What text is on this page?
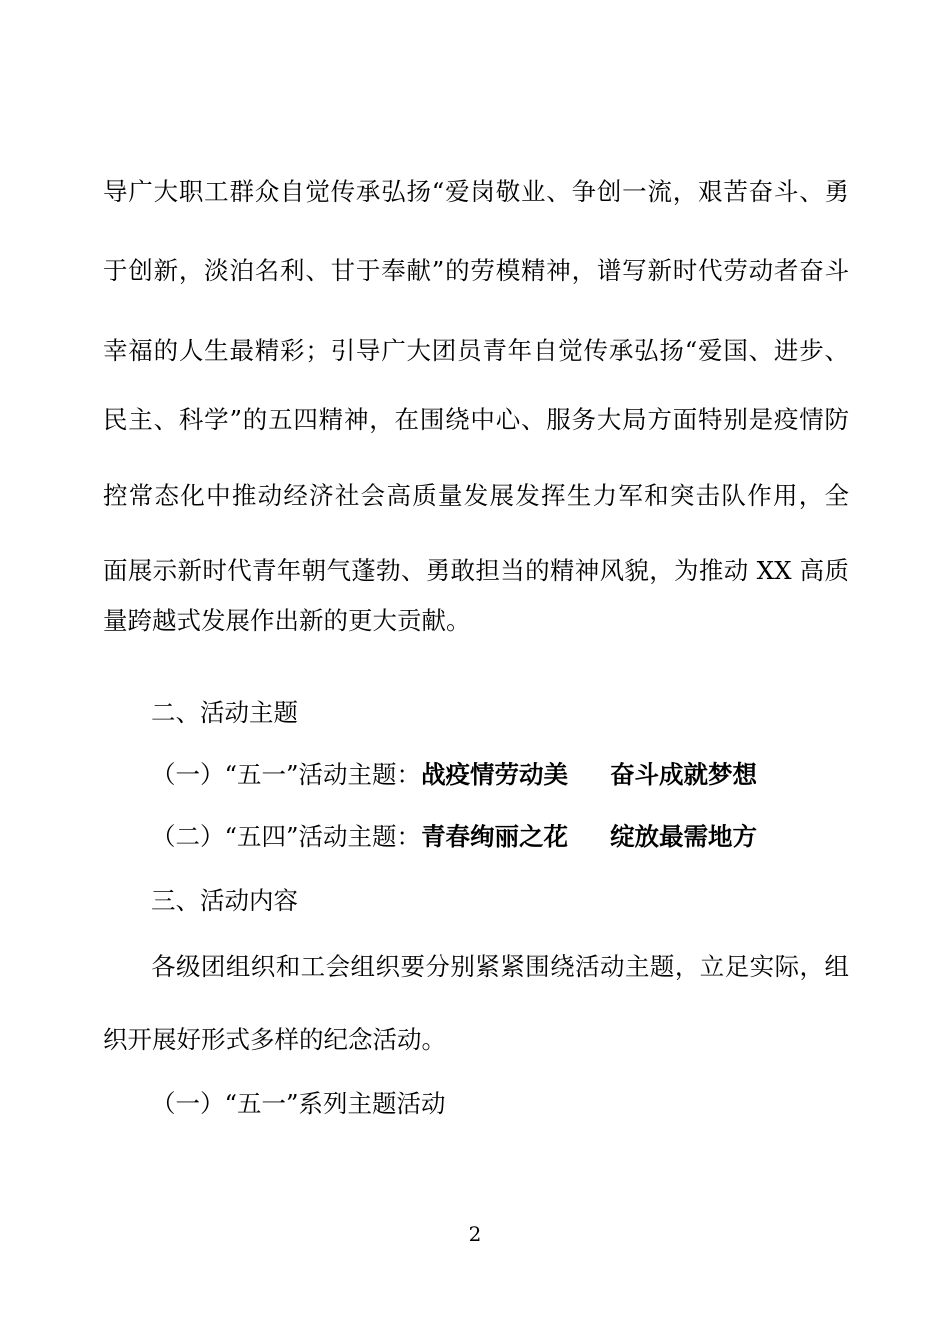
导广大职工群众自觉传承弘扬“爱岗敬业、争创一流，艰苦奋斗、勇
于创新，淡泊名利、甘于奉献”的劳模精神，谱写新时代劳动者奋斗
幸福的人生最精彩；引导广大团员青年自觉传承弘扬“爱国、进步、
民主、科学”的五四精神，在围绕中心、服务大局方面特别是疫情防
控常态化中推动经济社会高质量发展发挥生力军和突击队作用，全
面展示新时代青年朝气蓬勃、勇敢担当的精神风貌，为推动 XX 高质
量跨越式发展作出新的更大贡献。
二、活动主题
（一）“五一”活动主题：战疫情劳动美 奋斗成就梦想
（二）“五四”活动主题：青春绚丽之花 绽放最需地方
三、活动内容
各级团组织和工会组织要分别紧紧围绕活动主题，立足实际，组
织开展好形式多样的纪念活动。
（一）“五一”系列主题活动
2
